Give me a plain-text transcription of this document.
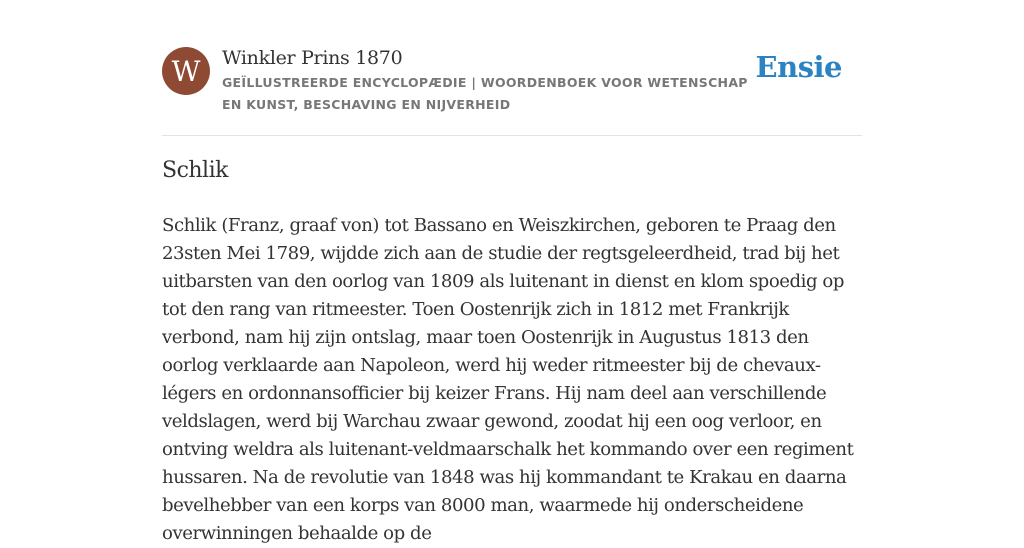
W	Winkler Prins 1870
GEÏLLUSTREERDE ENCYCLOPÆDIE | WOORDENBOEK VOOR WETENSCHAP EN KUNST, BESCHAVING EN NIJVERHEID
Ensie
Schlik

Schlik (Franz, graaf von) tot Bassano en Weiszkirchen, geboren te Praag den 23sten Mei 1789, wijdde zich aan de studie der regtsgeleerdheid, trad bij het uitbarsten van den oorlog van 1809 als luitenant in dienst en klom spoedig op tot den rang van ritmeester. Toen Oostenrijk zich in 1812 met Frankrijk verbond, nam hij zijn ontslag, maar toen Oostenrijk in Augustus 1813 den oorlog verklaarde aan Napoleon, werd hij weder ritmeester bij de chevaux-légers en ordonnansofficier bij keizer Frans. Hij nam deel aan verschillende veldslagen, werd bij Warchau zwaar gewond, zoodat hij een oog verloor, en ontving weldra als luitenant-veldmaarschalk het kommando over een regiment hussaren. Na de revolutie van 1848 was hij kommandant te Krakau en daarna bevelhebber van een korps van 8000 man, waarmede hij onderscheidene overwinningen behaalde op de
